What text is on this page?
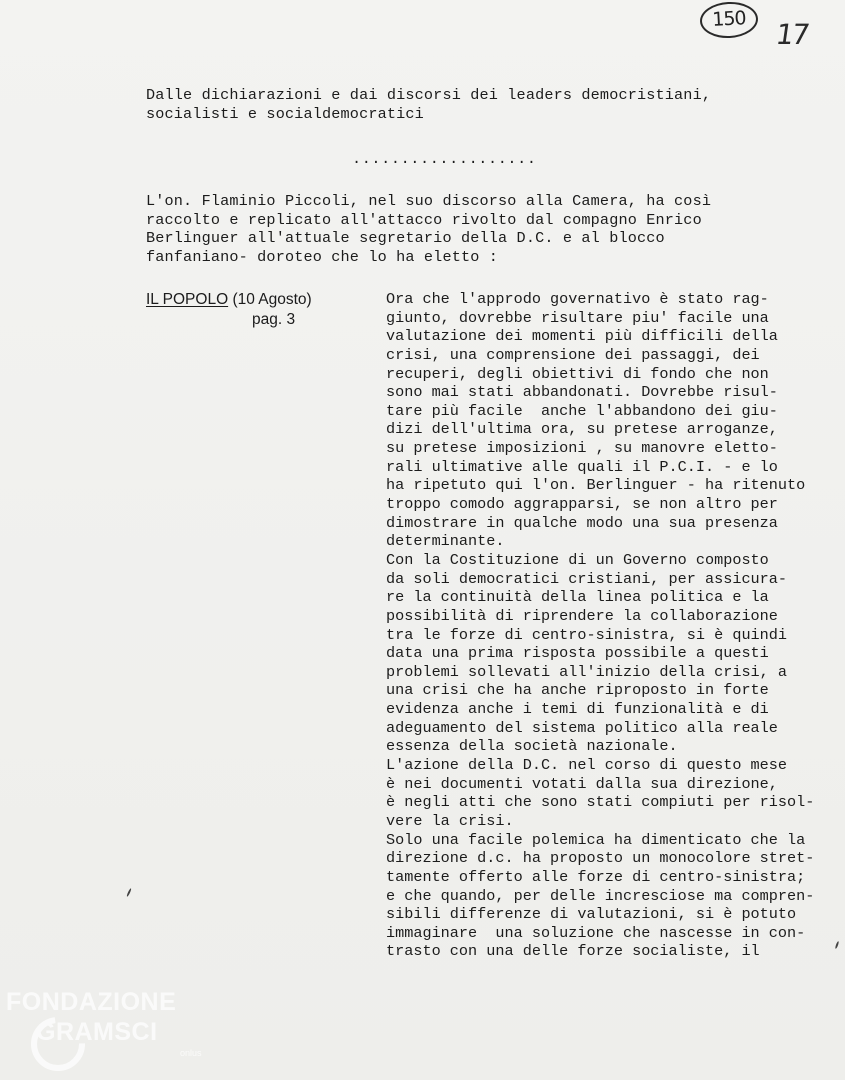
150 17
Dalle dichiarazioni e dai discorsi dei leaders democristiani,
socialisti e socialdemocratici
...................
L'on. Flaminio Piccoli, nel suo discorso alla Camera, ha così
raccolto e replicato all'attacco rivolto dal compagno Enrico
Berlinguer all'attuale segretario della D.C. e al blocco
fanfaniano- doroteo che lo ha eletto :
IL POPOLO (10 Agosto)
pag. 3
Ora che l'approdo governativo è stato rag-
giunto, dovrebbe risultare piu' facile una
valutazione dei momenti più difficili della
crisi, una comprensione dei passaggi, dei
recuperi, degli obiettivi di fondo che non
sono mai stati abbandonati. Dovrebbe risul-
tare più facile  anche l'abbandono dei giu-
dizi dell'ultima ora, su pretese arroganze,
su pretese imposizioni , su manovre eletto-
rali ultimative alle quali il P.C.I. - e lo
ha ripetuto qui l'on. Berlinguer - ha ritenuto
troppo comodo aggrapparsi, se non altro per
dimostrare in qualche modo una sua presenza
determinante.
Con la Costituzione di un Governo composto
da soli democratici cristiani, per assicura-
re la continuità della linea politica e la
possibilità di riprendere la collaborazione
tra le forze di centro-sinistra, si è quindi
data una prima risposta possibile a questi
problemi sollevati all'inizio della crisi, a
una crisi che ha anche riproposto in forte
evidenza anche i temi di funzionalità e di
adeguamento del sistema politico alla reale
essenza della società nazionale.
L'azione della D.C. nel corso di questo mese
è nei documenti votati dalla sua direzione,
è negli atti che sono stati compiuti per risol-
vere la crisi.
Solo una facile polemica ha dimenticato che la
direzione d.c. ha proposto un monocolore stret-
tamente offerto alle forze di centro-sinistra;
e che quando, per delle incresciose ma compren-
sibili differenze di valutazioni, si è potuto
immaginare  una soluzione che nascesse in con-
trasto con una delle forze socialiste, il
FONDAZIONE
GRAMSCI
onlus
